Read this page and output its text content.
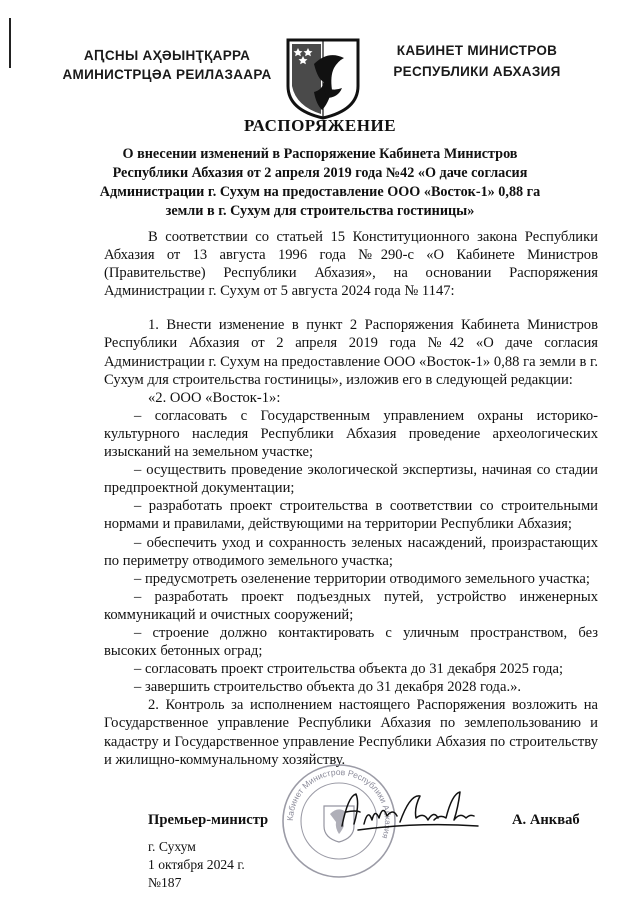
АԤСНЫ АҲӘЫНҬҚАРРА
АМИНИСТРЦӘА РЕИЛАЗААРА
КАБИНЕТ МИНИСТРОВ
РЕСПУБЛИКИ АБХАЗИЯ
РАСПОРЯЖЕНИЕ
О внесении изменений в Распоряжение Кабинета Министров Республики Абхазия от 2 апреля 2019 года №42 «О даче согласия Администрации г. Сухум на предоставление ООО «Восток-1» 0,88 га земли в г. Сухум для строительства гостиницы»

В соответствии со статьей 15 Конституционного закона Республики Абхазия от 13 августа 1996 года №290-с «О Кабинете Министров (Правительстве) Республики Абхазия», на основании Распоряжения Администрации г. Сухум от 5 августа 2024 года № 1147:

1. Внести изменение в пункт 2 Распоряжения Кабинета Министров Республики Абхазия от 2 апреля 2019 года №42 «О даче согласия Администрации г. Сухум на предоставление ООО «Восток-1» 0,88 га земли в г. Сухум для строительства гостиницы», изложив его в следующей редакции:

«2. ООО «Восток-1»:

– согласовать с Государственным управлением охраны историко-культурного наследия Республики Абхазия проведение археологических изысканий на земельном участке;

– осуществить проведение экологической экспертизы, начиная со стадии предпроектной документации;

– разработать проект строительства в соответствии со строительными нормами и правилами, действующими на территории Республики Абхазия;

– обеспечить уход и сохранность зеленых насаждений, произрастающих по периметру отводимого земельного участка;

– предусмотреть озеленение территории отводимого земельного участка;

– разработать проект подъездных путей, устройство инженерных коммуникаций и очистных сооружений;

– строение должно контактировать с уличным пространством, без высоких бетонных оград;

– согласовать проект строительства объекта до 31 декабря 2025 года;

– завершить строительство объекта до 31 декабря 2028 года.».

2. Контроль за исполнением настоящего Распоряжения возложить на Государственное управление Республики Абхазия по землепользованию и кадастру и Государственное управление Республики Абхазия по строительству и жилищно-коммунальному хозяйству.

Кабинет Министров Республики Абхазия
Премьер-министр	А. Анкваб
г. Сухум
1 октября 2024 г.
№187
